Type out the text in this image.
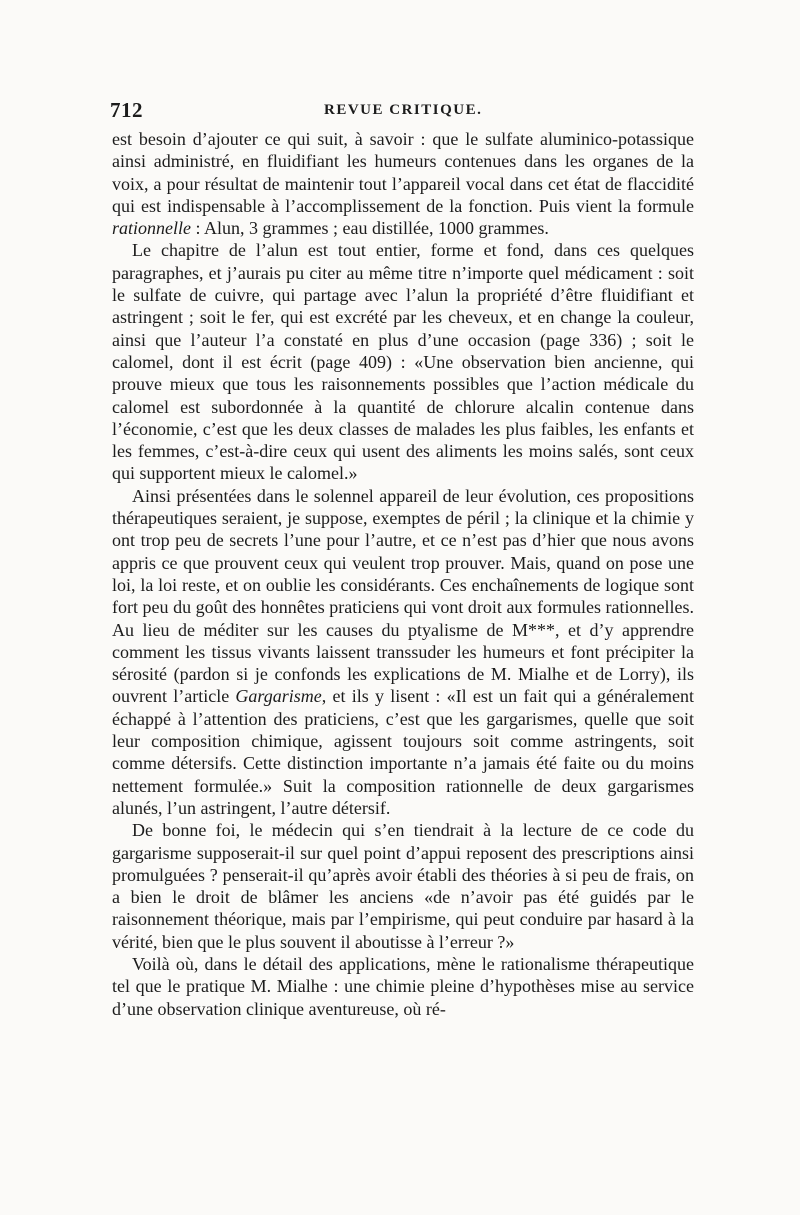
712	REVUE CRITIQUE.

est besoin d’ajouter ce qui suit, à savoir : que le sulfate aluminico-potassique ainsi administré, en fluidifiant les humeurs contenues dans les organes de la voix, a pour résultat de maintenir tout l’appareil vocal dans cet état de flaccidité qui est indispensable à l’accomplissement de la fonction. Puis vient la formule rationnelle : Alun, 3 grammes ; eau distillée, 1000 grammes.

Le chapitre de l’alun est tout entier, forme et fond, dans ces quelques paragraphes, et j’aurais pu citer au même titre n’importe quel médicament : soit le sulfate de cuivre, qui partage avec l’alun la propriété d’être fluidifiant et astringent ; soit le fer, qui est excrété par les cheveux, et en change la couleur, ainsi que l’auteur l’a constaté en plus d’une occasion (page 336) ; soit le calomel, dont il est écrit (page 409) : «Une observation bien ancienne, qui prouve mieux que tous les raisonnements possibles que l’action médicale du calomel est subordonnée à la quantité de chlorure alcalin contenue dans l’économie, c’est que les deux classes de malades les plus faibles, les enfants et les femmes, c’est-à-dire ceux qui usent des aliments les moins salés, sont ceux qui supportent mieux le calomel.»

Ainsi présentées dans le solennel appareil de leur évolution, ces propositions thérapeutiques seraient, je suppose, exemptes de péril ; la clinique et la chimie y ont trop peu de secrets l’une pour l’autre, et ce n’est pas d’hier que nous avons appris ce que prouvent ceux qui veulent trop prouver. Mais, quand on pose une loi, la loi reste, et on oublie les considérants. Ces enchaînements de logique sont fort peu du goût des honnêtes praticiens qui vont droit aux formules rationnelles. Au lieu de méditer sur les causes du ptyalisme de M***, et d’y apprendre comment les tissus vivants laissent transsuder les humeurs et font précipiter la sérosité (pardon si je confonds les explications de M. Mialhe et de Lorry), ils ouvrent l’article Gargarisme, et ils y lisent : «Il est un fait qui a généralement échappé à l’attention des praticiens, c’est que les gargarismes, quelle que soit leur composition chimique, agissent toujours soit comme astringents, soit comme détersifs. Cette distinction importante n’a jamais été faite ou du moins nettement formulée.» Suit la composition rationnelle de deux gargarismes alunés, l’un astringent, l’autre détersif.

De bonne foi, le médecin qui s’en tiendrait à la lecture de ce code du gargarisme supposerait-il sur quel point d’appui reposent des prescriptions ainsi promulguées ? penserait-il qu’après avoir établi des théories à si peu de frais, on a bien le droit de blâmer les anciens «de n’avoir pas été guidés par le raisonnement théorique, mais par l’empirisme, qui peut conduire par hasard à la vérité, bien que le plus souvent il aboutisse à l’erreur ?»

Voilà où, dans le détail des applications, mène le rationalisme thérapeutique tel que le pratique M. Mialhe : une chimie pleine d’hypothèses mise au service d’une observation clinique aventureuse, où ré-
